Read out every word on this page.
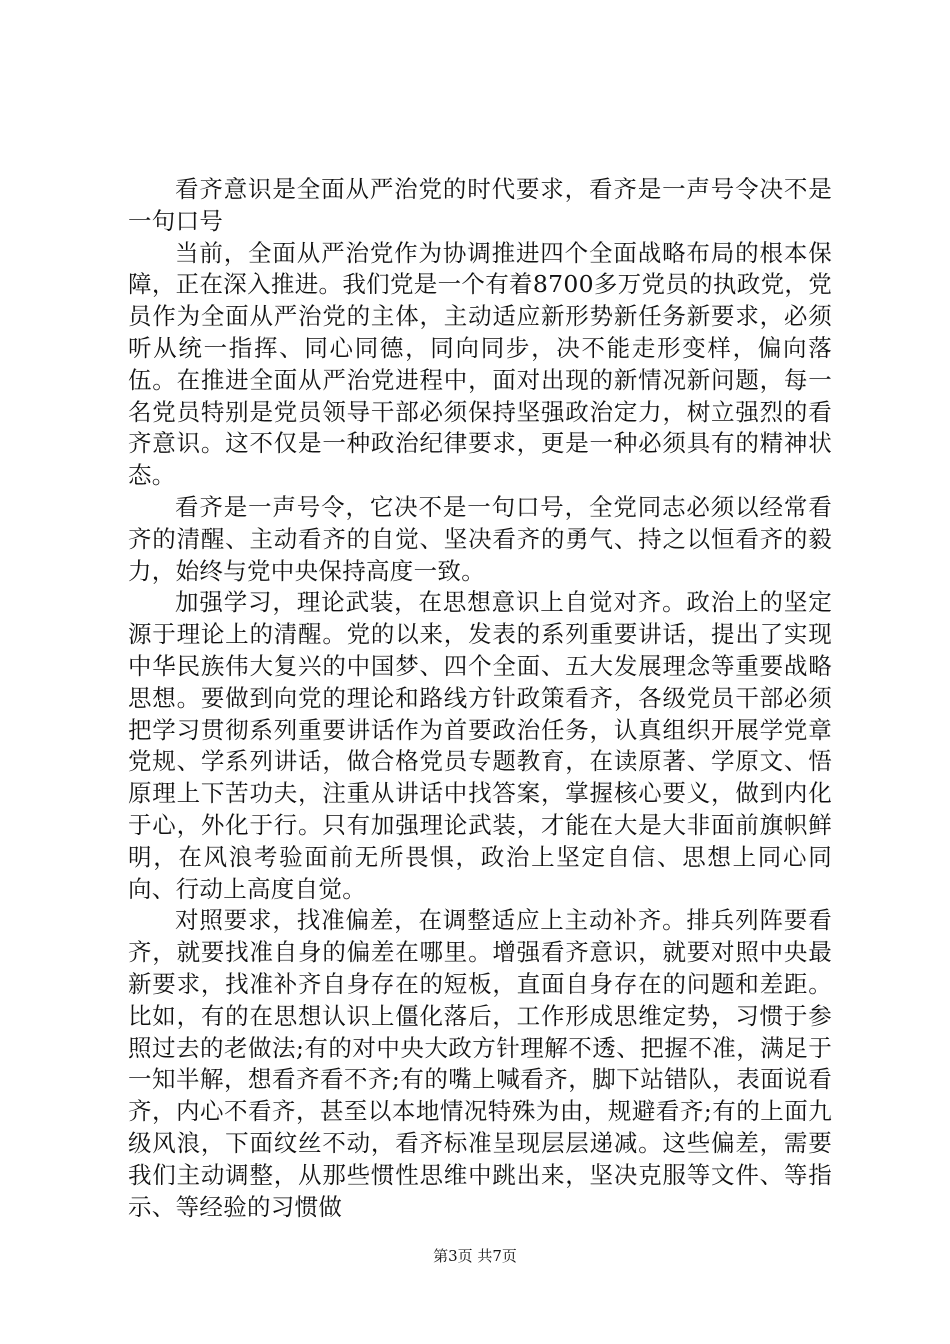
看齐意识是全面从严治党的时代要求，看齐是一声号令决不是一句口号

当前，全面从严治党作为协调推进四个全面战略布局的根本保障，正在深入推进。我们党是一个有着8700多万党员的执政党，党员作为全面从严治党的主体，主动适应新形势新任务新要求，必须听从统一指挥、同心同德，同向同步，决不能走形变样，偏向落伍。在推进全面从严治党进程中，面对出现的新情况新问题，每一名党员特别是党员领导干部必须保持坚强政治定力，树立强烈的看齐意识。这不仅是一种政治纪律要求，更是一种必须具有的精神状态。

看齐是一声号令，它决不是一句口号，全党同志必须以经常看齐的清醒、主动看齐的自觉、坚决看齐的勇气、持之以恒看齐的毅力，始终与党中央保持高度一致。

加强学习，理论武装，在思想意识上自觉对齐。政治上的坚定源于理论上的清醒。党的以来，发表的系列重要讲话，提出了实现中华民族伟大复兴的中国梦、四个全面、五大发展理念等重要战略思想。要做到向党的理论和路线方针政策看齐，各级党员干部必须把学习贯彻系列重要讲话作为首要政治任务，认真组织开展学党章党规、学系列讲话，做合格党员专题教育，在读原著、学原文、悟原理上下苦功夫，注重从讲话中找答案，掌握核心要义，做到内化于心，外化于行。只有加强理论武装，才能在大是大非面前旗帜鲜明，在风浪考验面前无所畏惧，政治上坚定自信、思想上同心同向、行动上高度自觉。

对照要求，找准偏差，在调整适应上主动补齐。排兵列阵要看齐，就要找准自身的偏差在哪里。增强看齐意识，就要对照中央最新要求，找准补齐自身存在的短板，直面自身存在的问题和差距。比如，有的在思想认识上僵化落后，工作形成思维定势，习惯于参照过去的老做法;有的对中央大政方针理解不透、把握不准，满足于一知半解，想看齐看不齐;有的嘴上喊看齐，脚下站错队，表面说看齐，内心不看齐，甚至以本地情况特殊为由，规避看齐;有的上面九级风浪，下面纹丝不动，看齐标准呈现层层递减。这些偏差，需要我们主动调整，从那些惯性思维中跳出来，坚决克服等文件、等指示、等经验的习惯做

第3页 共7页
